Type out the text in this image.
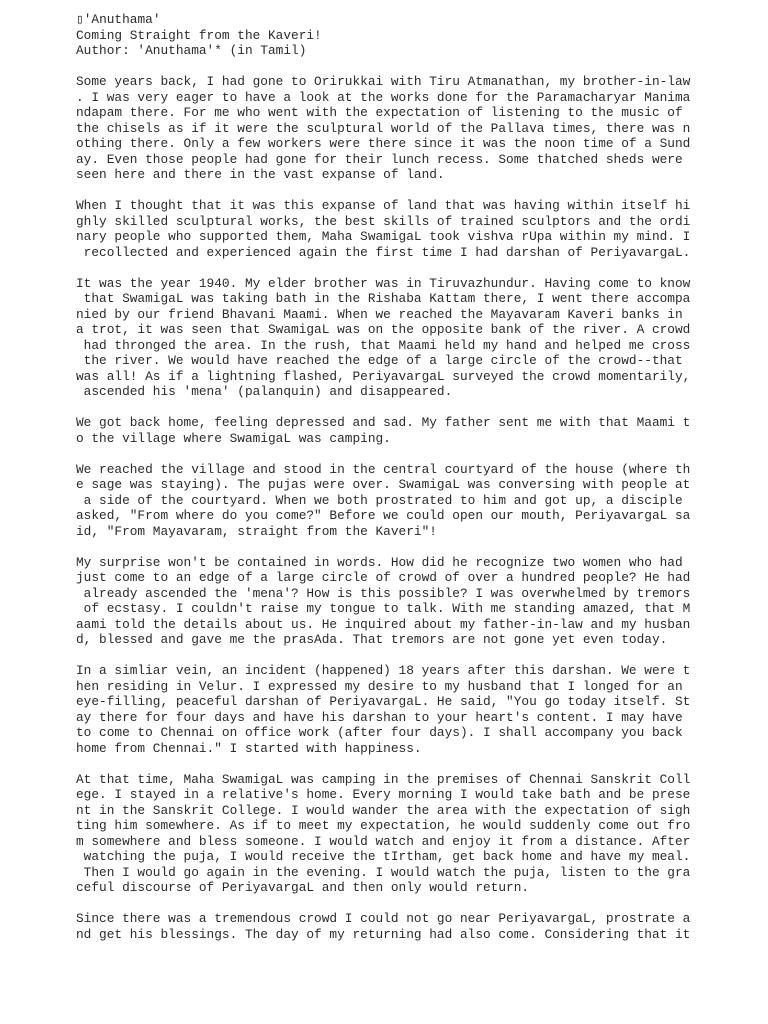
▯'Anuthama'
Coming Straight from the Kaveri!
Author: 'Anuthama'* (in Tamil)
Some years back, I had gone to Orirukkai with Tiru Atmanathan, my brother-in-law
. I was very eager to have a look at the works done for the Paramacharyar Manima
ndapam there. For me who went with the expectation of listening to the music of
the chisels as if it were the sculptural world of the Pallava times, there was n
othing there. Only a few workers were there since it was the noon time of a Sund
ay. Even those people had gone for their lunch recess. Some thatched sheds were
seen here and there in the vast expanse of land.
When I thought that it was this expanse of land that was having within itself hi
ghly skilled sculptural works, the best skills of trained sculptors and the ordi
nary people who supported them, Maha SwamigaL took vishva rUpa within my mind. I
recollected and experienced again the first time I had darshan of PeriyavargaL.
It was the year 1940. My elder brother was in Tiruvazhundur. Having come to know
that SwamigaL was taking bath in the Rishaba Kattam there, I went there accompa
nied by our friend Bhavani Maami. When we reached the Mayavaram Kaveri banks in
a trot, it was seen that SwamigaL was on the opposite bank of the river. A crowd
had thronged the area. In the rush, that Maami held my hand and helped me cross
the river. We would have reached the edge of a large circle of the crowd--that
was all! As if a lightning flashed, PeriyavargaL surveyed the crowd momentarily,
ascended his 'mena' (palanquin) and disappeared.
We got back home, feeling depressed and sad. My father sent me with that Maami t
o the village where SwamigaL was camping.
We reached the village and stood in the central courtyard of the house (where th
e sage was staying). The pujas were over. SwamigaL was conversing with people at
a side of the courtyard. When we both prostrated to him and got up, a disciple
asked, "From where do you come?" Before we could open our mouth, PeriyavargaL sa
id, "From Mayavaram, straight from the Kaveri"!
My surprise won't be contained in words. How did he recognize two women who had
just come to an edge of a large circle of crowd of over a hundred people? He had
already ascended the 'mena'? How is this possible? I was overwhelmed by tremors
of ecstasy. I couldn't raise my tongue to talk. With me standing amazed, that M
aami told the details about us. He inquired about my father-in-law and my husban
d, blessed and gave me the prasAda. That tremors are not gone yet even today.
In a simliar vein, an incident (happened) 18 years after this darshan. We were t
hen residing in Velur. I expressed my desire to my husband that I longed for an
eye-filling, peaceful darshan of PeriyavargaL. He said, "You go today itself. St
ay there for four days and have his darshan to your heart's content. I may have
to come to Chennai on office work (after four days). I shall accompany you back
home from Chennai." I started with happiness.
At that time, Maha SwamigaL was camping in the premises of Chennai Sanskrit Coll
ege. I stayed in a relative's home. Every morning I would take bath and be prese
nt in the Sanskrit College. I would wander the area with the expectation of sigh
ting him somewhere. As if to meet my expectation, he would suddenly come out fro
m somewhere and bless someone. I would watch and enjoy it from a distance. After
watching the puja, I would receive the tIrtham, get back home and have my meal.
Then I would go again in the evening. I would watch the puja, listen to the gra
ceful discourse of PeriyavargaL and then only would return.
Since there was a tremendous crowd I could not go near PeriyavargaL, prostrate a
nd get his blessings. The day of my returning had also come. Considering that it
